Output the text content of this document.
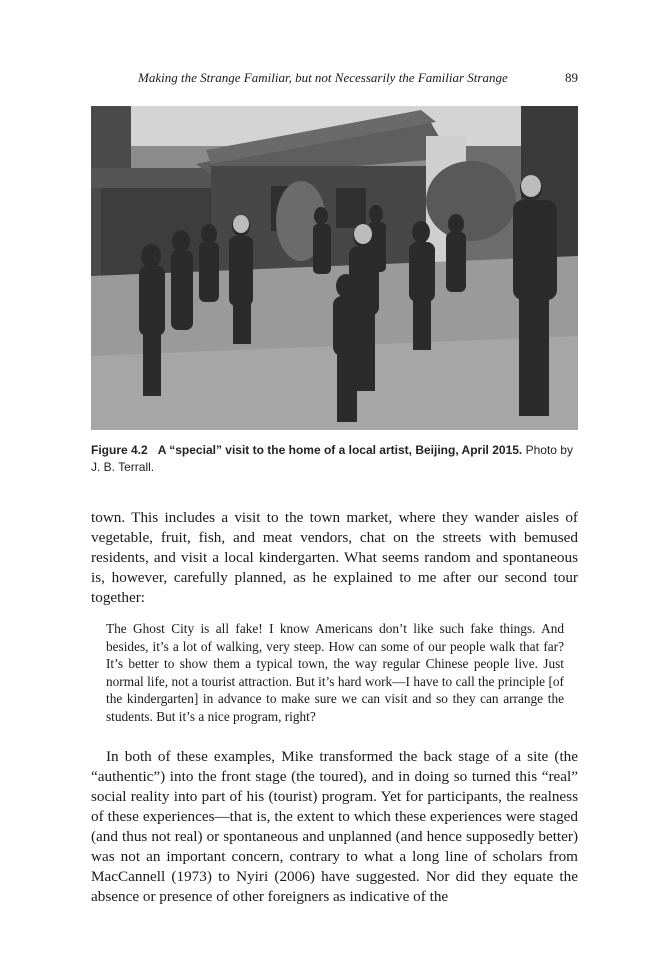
Making the Strange Familiar, but not Necessarily the Familiar Strange	89
Figure 4.2 A “special” visit to the home of a local artist, Beijing, April 2015. Photo by J. B. Terrall.

town. This includes a visit to the town market, where they wander aisles of vegetable, fruit, fish, and meat vendors, chat on the streets with bemused residents, and visit a local kindergarten. What seems random and spontaneous is, however, carefully planned, as he explained to me after our second tour together:

The Ghost City is all fake! I know Americans don’t like such fake things. And besides, it’s a lot of walking, very steep. How can some of our people walk that far? It’s better to show them a typical town, the way regular Chinese people live. Just normal life, not a tourist attraction. But it’s hard work—I have to call the principle [of the kindergarten] in advance to make sure we can visit and so they can arrange the students. But it’s a nice program, right?

In both of these examples, Mike transformed the back stage of a site (the “authentic”) into the front stage (the toured), and in doing so turned this “real” social reality into part of his (tourist) program. Yet for participants, the realness of these experiences—that is, the extent to which these experiences were staged (and thus not real) or spontaneous and unplanned (and hence supposedly better) was not an important concern, contrary to what a long line of scholars from MacCannell (1973) to Nyiri (2006) have suggested. Nor did they equate the absence or presence of other foreigners as indicative of the
